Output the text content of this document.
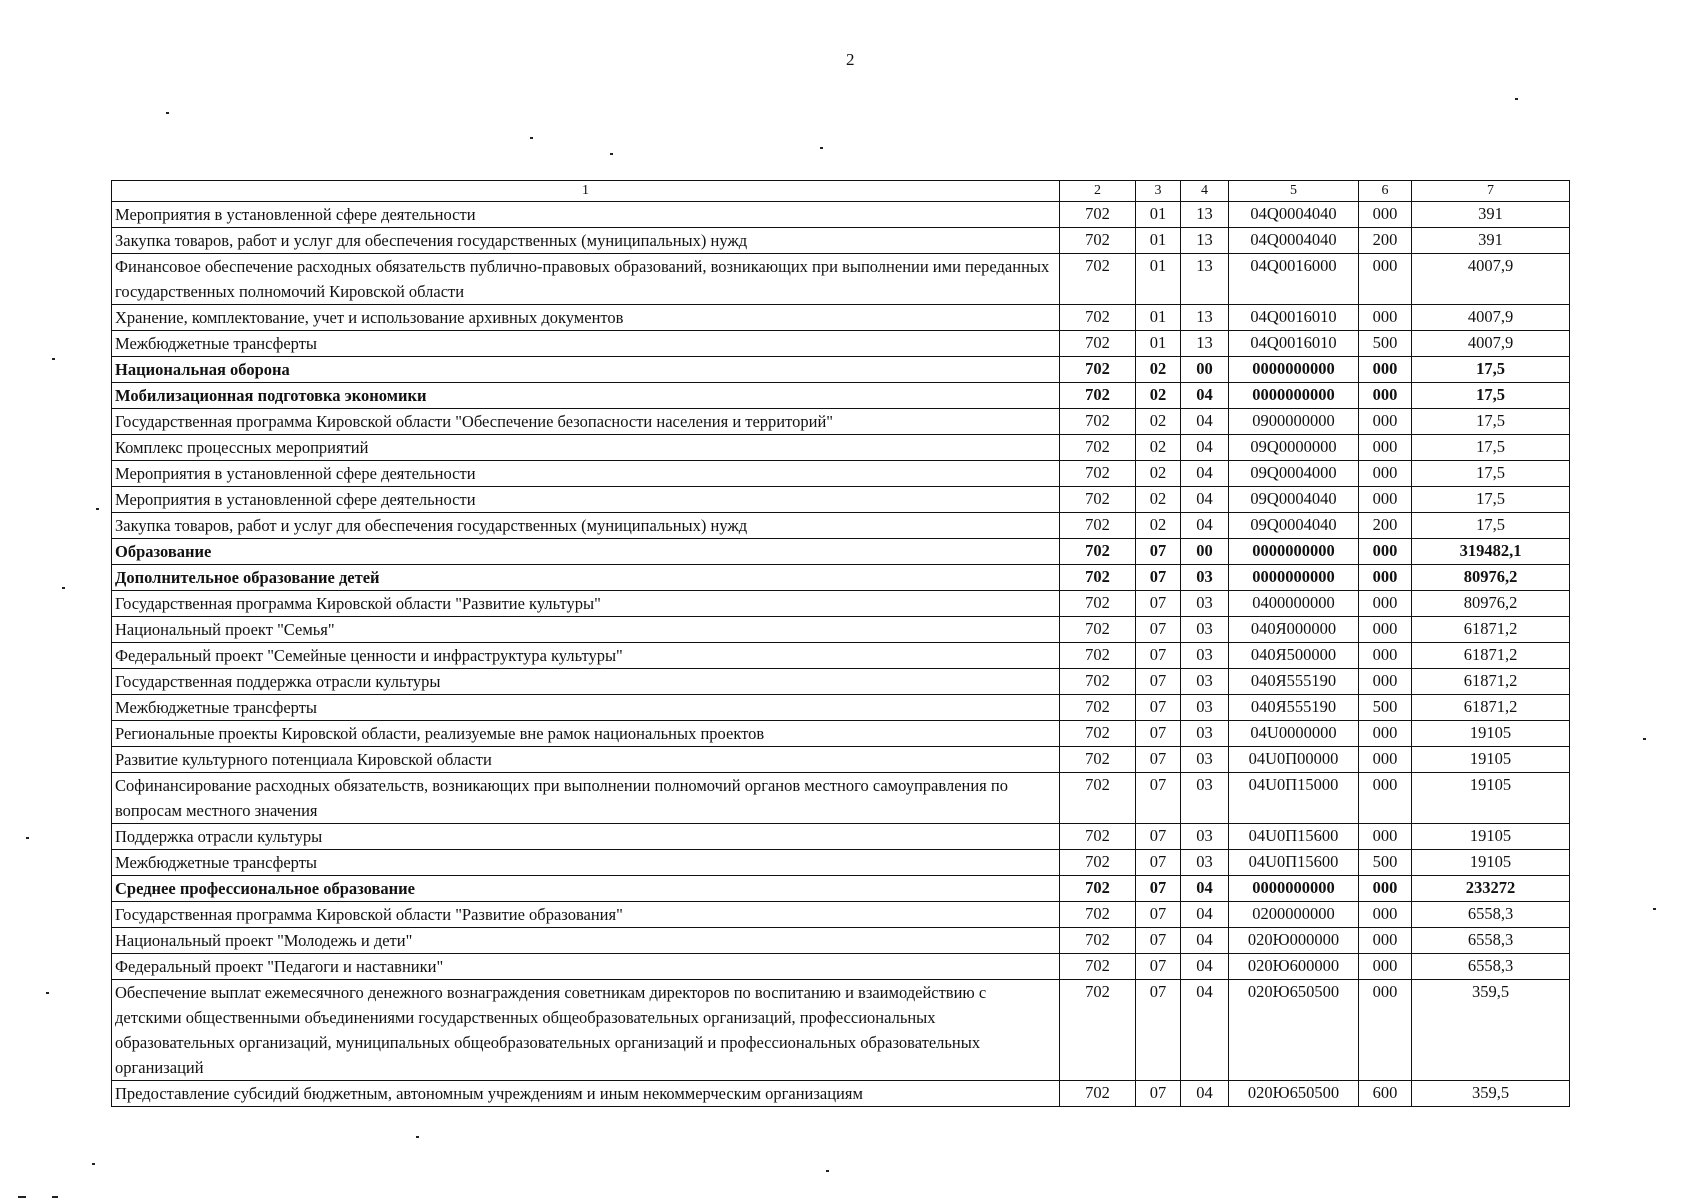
2
1	2	3	4	5	6	7
Мероприятия в установленной сфере деятельности	702	01	13	04Q0004040	000	391
Закупка товаров, работ и услуг для обеспечения государственных (муниципальных) нужд	702	01	13	04Q0004040	200	391
Финансовое обеспечение расходных обязательств публично-правовых образований, возникающих при выполнении ими переданных государственных полномочий Кировской области	702	01	13	04Q0016000	000	4007,9
Хранение, комплектование, учет и использование архивных документов	702	01	13	04Q0016010	000	4007,9
Межбюджетные трансферты	702	01	13	04Q0016010	500	4007,9
Национальная оборона	702	02	00	0000000000	000	17,5
Мобилизационная подготовка экономики	702	02	04	0000000000	000	17,5
Государственная программа Кировской области "Обеспечение безопасности населения и территорий"	702	02	04	0900000000	000	17,5
Комплекс процессных мероприятий	702	02	04	09Q0000000	000	17,5
Мероприятия в установленной сфере деятельности	702	02	04	09Q0004000	000	17,5
Мероприятия в установленной сфере деятельности	702	02	04	09Q0004040	000	17,5
Закупка товаров, работ и услуг для обеспечения государственных (муниципальных) нужд	702	02	04	09Q0004040	200	17,5
Образование	702	07	00	0000000000	000	319482,1
Дополнительное образование детей	702	07	03	0000000000	000	80976,2
Государственная программа Кировской области "Развитие культуры"	702	07	03	0400000000	000	80976,2
Национальный проект "Семья"	702	07	03	040Я000000	000	61871,2
Федеральный проект "Семейные ценности и инфраструктура культуры"	702	07	03	040Я500000	000	61871,2
Государственная поддержка отрасли культуры	702	07	03	040Я555190	000	61871,2
Межбюджетные трансферты	702	07	03	040Я555190	500	61871,2
Региональные проекты Кировской области, реализуемые вне рамок национальных проектов	702	07	03	04U0000000	000	19105
Развитие культурного потенциала Кировской области	702	07	03	04U0П00000	000	19105
Софинансирование расходных обязательств, возникающих при выполнении полномочий органов местного самоуправления по вопросам местного значения	702	07	03	04U0П15000	000	19105
Поддержка отрасли культуры	702	07	03	04U0П15600	000	19105
Межбюджетные трансферты	702	07	03	04U0П15600	500	19105
Среднее профессиональное образование	702	07	04	0000000000	000	233272
Государственная программа Кировской области "Развитие образования"	702	07	04	0200000000	000	6558,3
Национальный проект "Молодежь и дети"	702	07	04	020Ю000000	000	6558,3
Федеральный проект "Педагоги и наставники"	702	07	04	020Ю600000	000	6558,3
Обеспечение выплат ежемесячного денежного вознаграждения советникам директоров по воспитанию и взаимодействию с детскими общественными объединениями государственных общеобразовательных организаций, профессиональных образовательных организаций, муниципальных общеобразовательных организаций и профессиональных образовательных организаций	702	07	04	020Ю650500	000	359,5
Предоставление субсидий бюджетным, автономным учреждениям и иным некоммерческим организациям	702	07	04	020Ю650500	600	359,5
